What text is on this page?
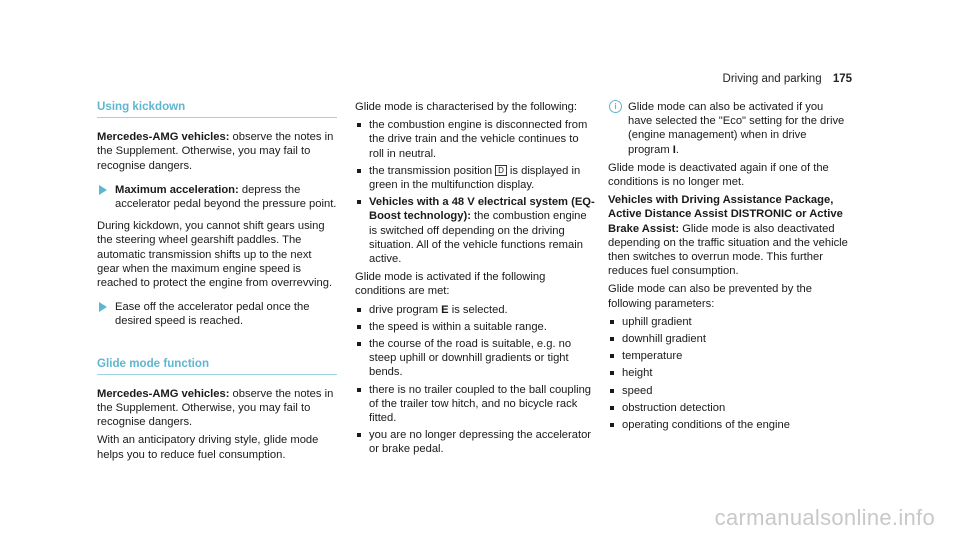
Driving and parking 175
Using kickdown

Mercedes-AMG vehicles: observe the notes in the Supplement. Otherwise, you may fail to recognise dangers.

Maximum acceleration: depress the accelerator pedal beyond the pressure point.

During kickdown, you cannot shift gears using the steering wheel gearshift paddles. The automatic transmission shifts up to the next gear when the maximum engine speed is reached to protect the engine from overrevving.

Ease off the accelerator pedal once the desired speed is reached.
Glide mode function

Mercedes-AMG vehicles: observe the notes in the Supplement. Otherwise, you may fail to recognise dangers.

With an anticipatory driving style, glide mode helps you to reduce fuel consumption.

Glide mode is characterised by the following:

the combustion engine is disconnected from the drive train and the vehicle continues to roll in neutral.
the transmission position D is displayed in green in the multifunction display.
Vehicles with a 48 V electrical system (EQ-Boost technology): the combustion engine is switched off depending on the driving situation. All of the vehicle functions remain active.

Glide mode is activated if the following conditions are met:

drive program E is selected.
the speed is within a suitable range.
the course of the road is suitable, e.g. no steep uphill or downhill gradients or tight bends.
there is no trailer coupled to the ball coupling of the trailer tow hitch, and no bicycle rack fitted.
you are no longer depressing the accelerator or brake pedal.
i	Glide mode can also be activated if you have selected the "Eco" setting for the drive (engine management) when in drive program I.

Glide mode is deactivated again if one of the conditions is no longer met.

Vehicles with Driving Assistance Package, Active Distance Assist DISTRONIC or Active Brake Assist: Glide mode is also deactivated depending on the traffic situation and the vehicle then switches to overrun mode. This further reduces fuel consumption.

Glide mode can also be prevented by the following parameters:

uphill gradient
downhill gradient
temperature
height
speed
obstruction detection
operating conditions of the engine
carmanualsonline.info
